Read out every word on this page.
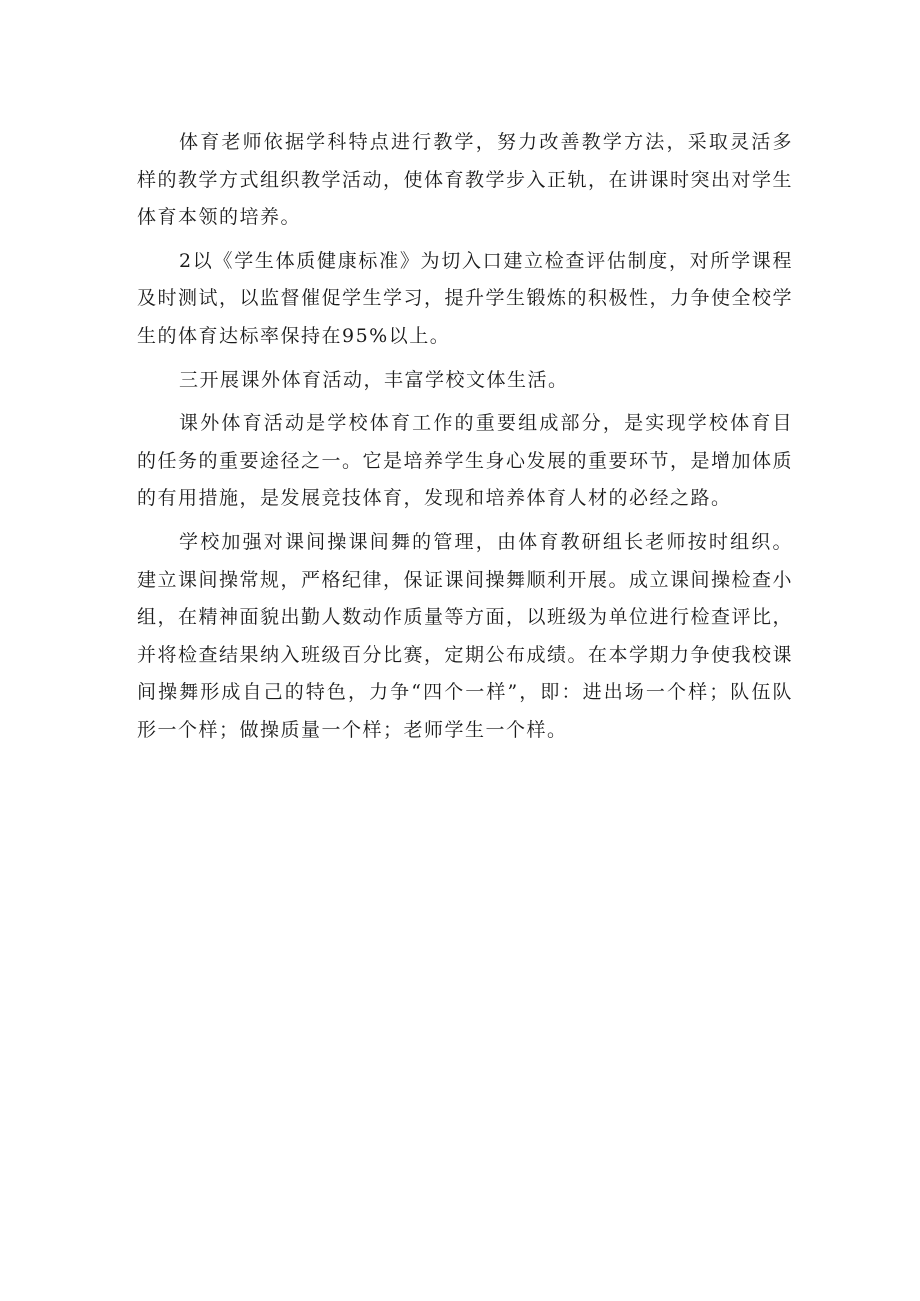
体育老师依据学科特点进行教学，努力改善教学方法，采取灵活多样的教学方式组织教学活动，使体育教学步入正轨，在讲课时突出对学生体育本领的培养。

2以《学生体质健康标准》为切入口建立检查评估制度，对所学课程及时测试，以监督催促学生学习，提升学生锻炼的积极性，力争使全校学生的体育达标率保持在95%以上。

三开展课外体育活动，丰富学校文体生活。

课外体育活动是学校体育工作的重要组成部分，是实现学校体育目的任务的重要途径之一。它是培养学生身心发展的重要环节，是增加体质的有用措施，是发展竞技体育，发现和培养体育人材的必经之路。

学校加强对课间操课间舞的管理，由体育教研组长老师按时组织。建立课间操常规，严格纪律，保证课间操舞顺利开展。成立课间操检查小组，在精神面貌出勤人数动作质量等方面，以班级为单位进行检查评比，并将检查结果纳入班级百分比赛，定期公布成绩。在本学期力争使我校课间操舞形成自己的特色，力争“四个一样”，即：进出场一个样；队伍队形一个样；做操质量一个样；老师学生一个样。
